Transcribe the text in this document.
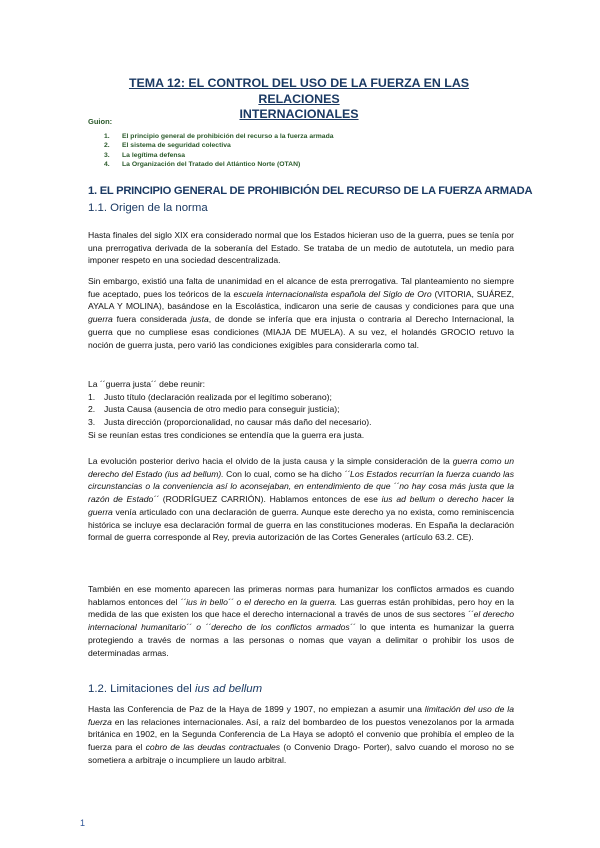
TEMA 12: EL CONTROL DEL USO DE LA FUERZA EN LAS RELACIONES
INTERNACIONALES
Guion:
1. El principio general de prohibición del recurso a la fuerza armada
2. El sistema de seguridad colectiva
3. La legítima defensa
4. La Organización del Tratado del Atlántico Norte (OTAN)
1. EL PRINCIPIO GENERAL DE PROHIBICIÓN DEL RECURSO DE LA FUERZA ARMADA
1.1. Origen de la norma
Hasta finales del siglo XIX era considerado normal que los Estados hicieran uso de la guerra, pues se tenía por una prerrogativa derivada de la soberanía del Estado. Se trataba de un medio de autotutela, un medio para imponer respeto en una sociedad descentralizada.
Sin embargo, existió una falta de unanimidad en el alcance de esta prerrogativa. Tal planteamiento no siempre fue aceptado, pues los teóricos de la escuela internacionalista española del Siglo de Oro (VITORIA, SUÁREZ, AYALA Y MOLINA), basándose en la Escolástica, indicaron una serie de causas y condiciones para que una guerra fuera considerada justa, de donde se infería que era injusta o contraria al Derecho Internacional, la guerra que no cumpliese esas condiciones (MIAJA DE MUELA). A su vez, el holandés GROCIO retuvo la noción de guerra justa, pero varió las condiciones exigibles para considerarla como tal.
La ´´guerra justa´´ debe reunir:
1. Justo título (declaración realizada por el legítimo soberano);
2. Justa Causa (ausencia de otro medio para conseguir justicia);
3. Justa dirección (proporcionalidad, no causar más daño del necesario).
Si se reunían estas tres condiciones se entendía que la guerra era justa.
La evolución posterior derivo hacia el olvido de la justa causa y la simple consideración de la guerra como un derecho del Estado (ius ad bellum). Con lo cual, como se ha dicho ´´Los Estados recurrían la fuerza cuando las circunstancias o la conveniencia así lo aconsejaban, en entendimiento de que ´´no hay cosa más justa que la razón de Estado´´ (RODRÍGUEZ CARRIÓN). Hablamos entonces de ese ius ad bellum o derecho hacer la guerra venía articulado con una declaración de guerra. Aunque este derecho ya no exista, como reminiscencia histórica se incluye esa declaración formal de guerra en las constituciones moderas. En España la declaración formal de guerra corresponde al Rey, previa autorización de las Cortes Generales (artículo 63.2. CE).
También en ese momento aparecen las primeras normas para humanizar los conflictos armados es cuando hablamos entonces del ´´ius in bello´´ o el derecho en la guerra. Las guerras están prohibidas, pero hoy en la medida de las que existen los que hace el derecho internacional a través de unos de sus sectores ´´el derecho internacional humanitario´´ o ´´derecho de los conflictos armados´´ lo que intenta es humanizar la guerra protegiendo a través de normas a las personas o nomas que vayan a delimitar o prohibir los usos de determinadas armas.
1.2. Limitaciones del ius ad bellum
Hasta las Conferencia de Paz de la Haya de 1899 y 1907, no empiezan a asumir una limitación del uso de la fuerza en las relaciones internacionales. Así, a raíz del bombardeo de los puestos venezolanos por la armada británica en 1902, en la Segunda Conferencia de La Haya se adoptó el convenio que prohibía el empleo de la fuerza para el cobro de las deudas contractuales (o Convenio Drago- Porter), salvo cuando el moroso no se sometiera a arbitraje o incumpliere un laudo arbitral.
1
